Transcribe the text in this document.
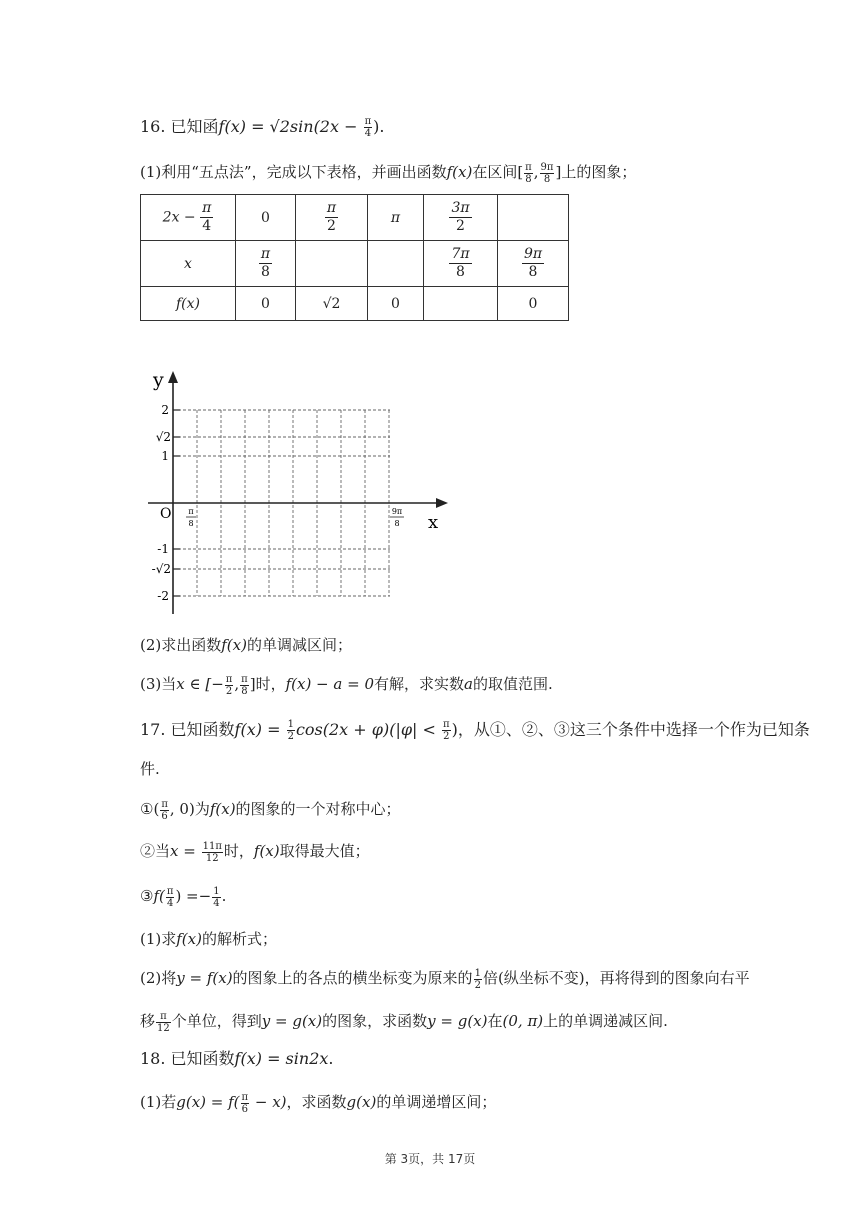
16. 已知函$f(x) = √2\sin(2x - \frac{\pi}{4}$ ).
(1)利用“五点法”，完成以下表格，并画出函数f(x)在区间[ $\frac{\pi}{8}$ , $\frac{9\pi}{8}$ ]上的图象；
$2x - \frac{\pi}{4}$	0	$\frac{\pi}{2}$	π	$\frac{3\pi}{2}$

x	$\frac{\pi}{8}$			$\frac{7\pi}{8}$	$\frac{9\pi}{8}$

f(x)	0	√2	0		0
y
x
O
2
√2
1
-1
-√2
-2
π
8
9π
8
(2)求出函数f(x)的单调减区间；
(3)当x ∈ [− $\frac{\pi}{2}$ , $\frac{\pi}{8}$ ]时，f(x) − a = 0有解，求实数a的取值范围.
17. 已知函数$f(x) = \frac{1}{2} \cos(2x + \varphi)(|\varphi| < \frac{\pi}{2}$ )，从①、②、③这三个条件中选择一个作为已知条
件.
①( $\frac{\pi}{6}$ , 0)为f(x)的图象的一个对称中心；
②当$x = \frac{11\pi}{12}$ 时，f(x)取得最大值；
③f( $\frac{\pi}{4}$ ) =− $\frac{1}{4}$ .
(1)求f(x)的解析式；
(2)将y = f(x)的图象上的各点的横坐标变为原来的 $\frac{1}{2}$ 倍(纵坐标不变)，再将得到的图象向右平
移 $\frac{\pi}{12}$ 个单位，得到y = g(x)的图象，求函数y = g(x)在(0, π)上的单调递减区间.
18. 已知函数f(x) = sin2x.
(1)若$g(x) = f( \frac{\pi}{6} - x)$，求函数g(x)的单调递增区间；
第 3页，共 17页
